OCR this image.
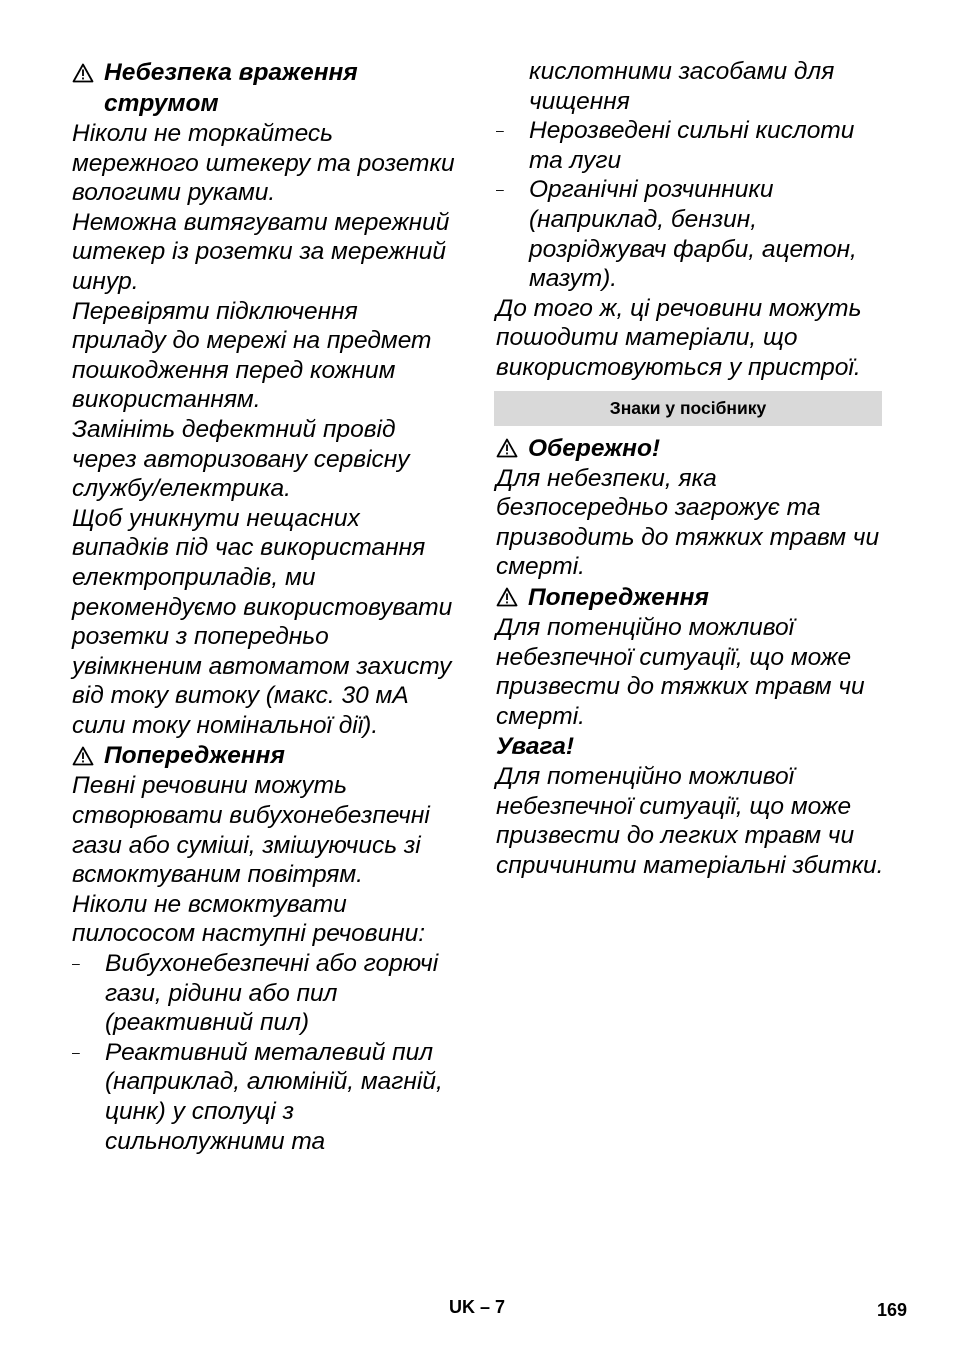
Небезпека враження струмом

Ніколи не торкайтесь мережного штекеру та розетки вологими руками.

Неможна витягувати мережний штекер із розетки за мережний шнур.

Перевіряти підключення приладу до мережі на предмет пошкодження перед кожним використанням.

Замініть дефектний провід через авторизовану сервісну службу/електрика.

Щоб уникнути нещасних випадків під час використання електроприладів, ми рекомендуємо використовувати розетки з попередньо увімкненим автоматом захисту від току витоку (макс. 30 мА сили току номінальної дії).

Попередження

Певні речовини можуть створювати вибухонебезпечні гази або суміші, змішуючись зі всмоктуваним повітрям.

Ніколи не всмоктувати пилососом наступні речовини:

– Вибухонебезпечні або горючі гази, рідини або пил (реактивний пил)
– Реактивний металевий пил (наприклад, алюміній, магній, цинк) у сполуці з сильнолужними та

кислотними засобами для чищення

– Нерозведені сильні кислоти та луги
– Органічні розчинники (наприклад, бензин, розріджувач фарби, ацетон, мазут).

До того ж, ці речовини можуть пошодити матеріали, що використовуються у пристрої.

Знаки у посібнику
Обережно!

Для небезпеки, яка безпосередньо загрожує та призводить до тяжких травм чи смерті.

Попередження

Для потенційно можливої небезпечної ситуації, що може призвести до тяжких травм чи смерті.

Увага!

Для потенційно можливої небезпечної ситуації, що може призвести до легких травм чи спричинити матеріальні збитки.

UK – 7	169
